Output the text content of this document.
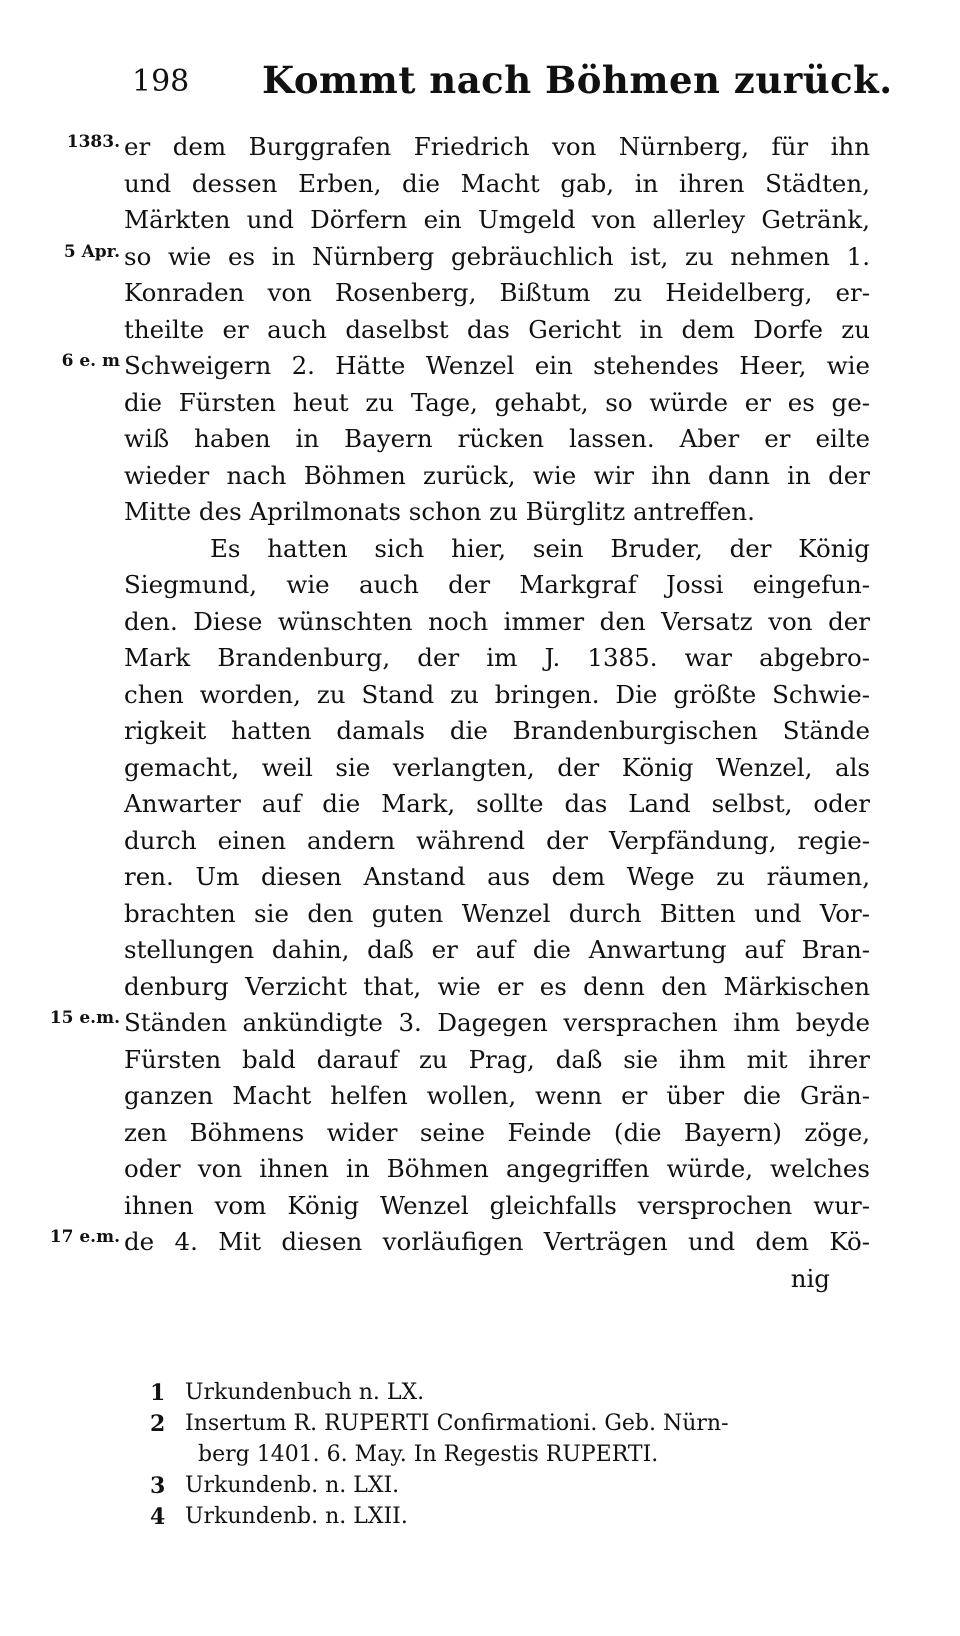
198 Kommt nach Böhmen zurück.
1383. er dem Burggrafen Friedrich von Nürnberg, für ihn
und dessen Erben, die Macht gab, in ihren Städten,
Märkten und Dörfern ein Umgeld von allerley Getränk,
5 Apr. so wie es in Nürnberg gebräuchlich ist, zu nehmen 1.
Konraden von Rosenberg, Bißtum zu Heidelberg, er-
theilte er auch daselbst das Gericht in dem Dorfe zu
6 e. m Schweigern 2. Hätte Wenzel ein stehendes Heer, wie
die Fürsten heut zu Tage, gehabt, so würde er es ge-
wiß haben in Bayern rücken lassen. Aber er eilte
wieder nach Böhmen zurück, wie wir ihn dann in der
Mitte des Aprilmonats schon zu Bürglitz antreffen.
Es hatten sich hier, sein Bruder, der König
Siegmund, wie auch der Markgraf Jossi eingefun-
den. Diese wünschten noch immer den Versatz von der
Mark Brandenburg, der im J. 1385. war abgebro-
chen worden, zu Stand zu bringen. Die größte Schwie-
rigkeit hatten damals die Brandenburgischen Stände
gemacht, weil sie verlangten, der König Wenzel, als
Anwarter auf die Mark, sollte das Land selbst, oder
durch einen andern während der Verpfändung, regie-
ren. Um diesen Anstand aus dem Wege zu räumen,
brachten sie den guten Wenzel durch Bitten und Vor-
stellungen dahin, daß er auf die Anwartung auf Bran-
denburg Verzicht that, wie er es denn den Märkischen
15 e.m. Ständen ankündigte 3. Dagegen versprachen ihm beyde
Fürsten bald darauf zu Prag, daß sie ihm mit ihrer
ganzen Macht helfen wollen, wenn er über die Grän-
zen Böhmens wider seine Feinde (die Bayern) zöge,
oder von ihnen in Böhmen angegriffen würde, welches
ihnen vom König Wenzel gleichfalls versprochen wur-
17 e.m. de 4. Mit diesen vorläufigen Verträgen und dem Kö-
nig
1 Urkundenbuch n. LX.
2 Insertum R. RUPERTI Confirmationi. Geb. Nürn-
berg 1401. 6. May. In Regestis RUPERTI.
3 Urkundenb. n. LXI.
4 Urkundenb. n. LXII.
